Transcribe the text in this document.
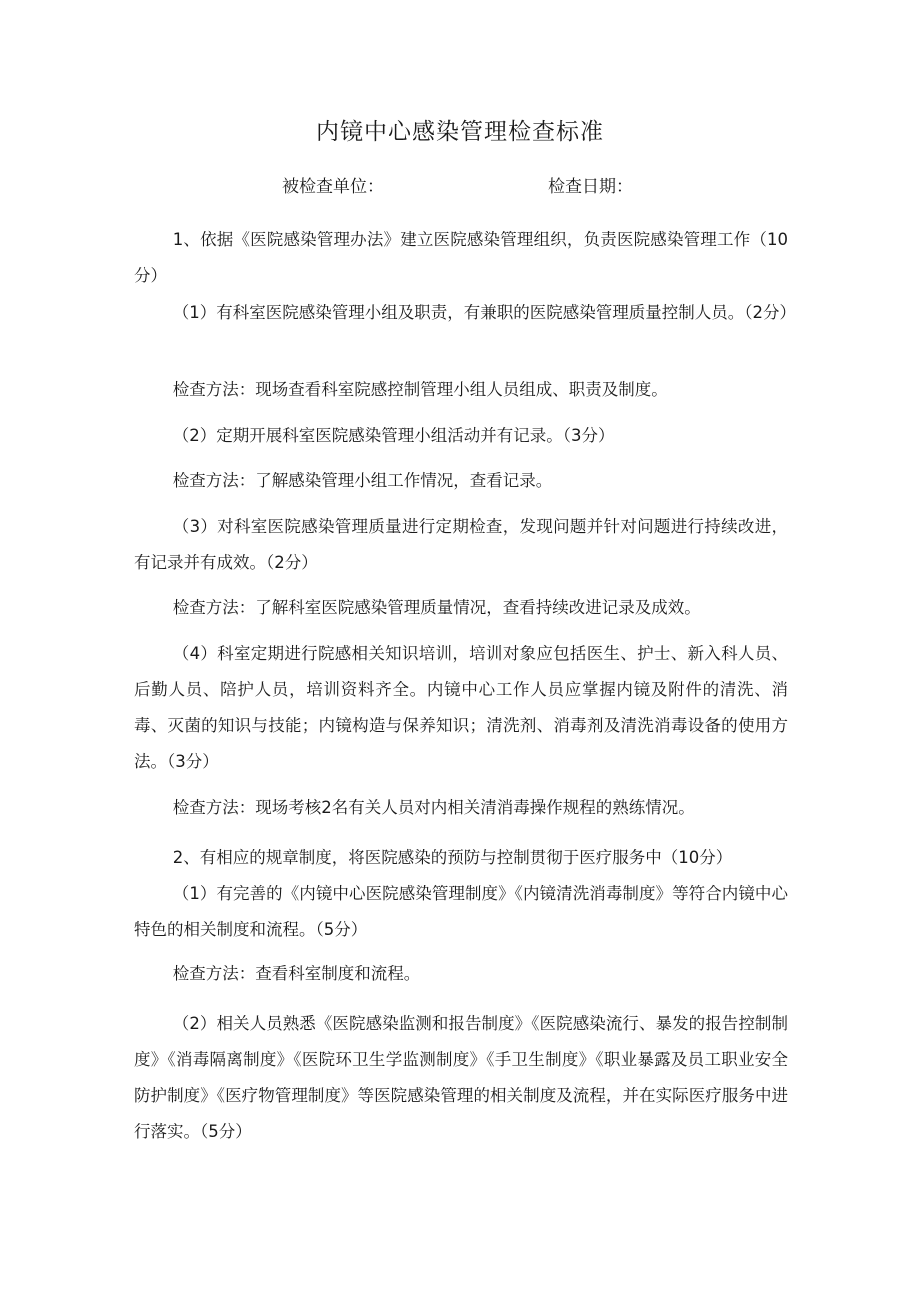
内镜中心感染管理检查标准
被检查单位：	检查日期：

1、依据《医院感染管理办法》建立医院感染管理组织，负责医院感染管理工作（10分）

（1）有科室医院感染管理小组及职责，有兼职的医院感染管理质量控制人员。（2分）

检查方法：现场查看科室院感控制管理小组人员组成、职责及制度。

（2）定期开展科室医院感染管理小组活动并有记录。（3分）

检查方法：了解感染管理小组工作情况，查看记录。

（3）对科室医院感染管理质量进行定期检查，发现问题并针对问题进行持续改进，有记录并有成效。（2分）

检查方法：了解科室医院感染管理质量情况，查看持续改进记录及成效。

（4）科室定期进行院感相关知识培训，培训对象应包括医生、护士、新入科人员、后勤人员、陪护人员，培训资料齐全。内镜中心工作人员应掌握内镜及附件的清洗、消毒、灭菌的知识与技能；内镜构造与保养知识；清洗剂、消毒剂及清洗消毒设备的使用方法。（3分）

检查方法：现场考核2名有关人员对内相关清消毒操作规程的熟练情况。

2、有相应的规章制度，将医院感染的预防与控制贯彻于医疗服务中（10分）

（1）有完善的《内镜中心医院感染管理制度》《内镜清洗消毒制度》等符合内镜中心特色的相关制度和流程。（5分）

检查方法：查看科室制度和流程。

（2）相关人员熟悉《医院感染监测和报告制度》《医院感染流行、暴发的报告控制制度》《消毒隔离制度》《医院环卫生学监测制度》《手卫生制度》《职业暴露及员工职业安全防护制度》《医疗物管理制度》等医院感染管理的相关制度及流程，并在实际医疗服务中进行落实。（5分）
